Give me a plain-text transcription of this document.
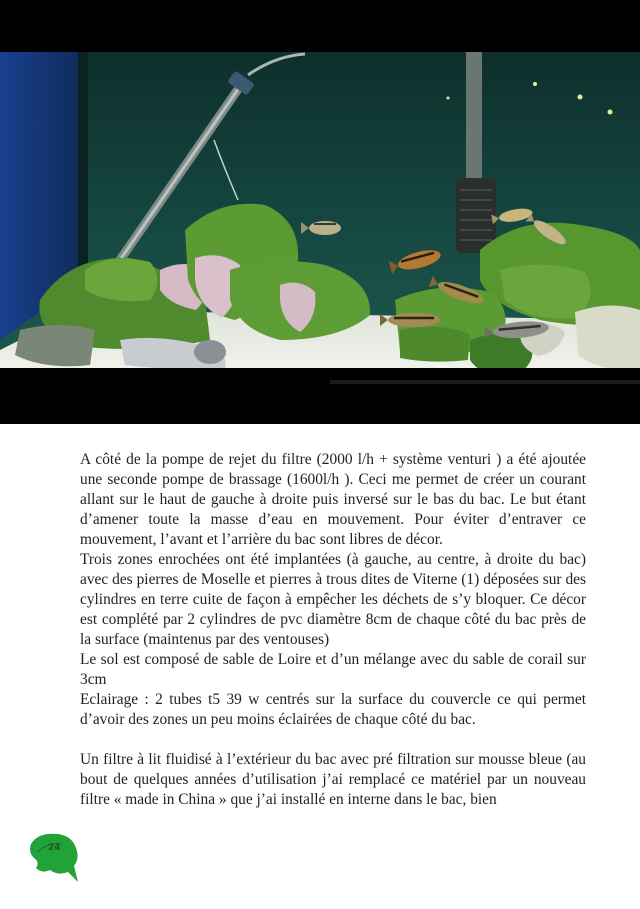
A côté de la pompe de rejet du filtre (2000 l/h + système venturi ) a été ajoutée une seconde pompe de brassage (1600l/h ). Ceci me permet de créer un courant allant sur le haut de gauche à droite puis inversé sur le bas du bac. Le but étant d’amener toute la masse d’eau en mouvement. Pour éviter d’entraver ce mouvement, l’avant et l’arrière du bac sont libres de décor.

Trois zones enrochées ont été implantées (à gauche, au centre, à droite du bac) avec des pierres de Moselle et pierres à trous dites de Viterne (1) déposées sur des cylindres en terre cuite de façon à empêcher les déchets de s’y bloquer. Ce décor est complété par 2 cylindres de pvc diamètre 8cm de chaque côté du bac près de la surface (maintenus par des ventouses)

Le sol est composé de sable de Loire et d’un mélange avec du sable de corail sur 3cm

Eclairage : 2 tubes t5 39 w centrés sur la surface du couvercle ce qui permet d’avoir des zones un peu moins éclairées de chaque côté du bac.

Un filtre à lit fluidisé à l’extérieur du bac avec pré filtration sur mousse bleue (au bout de quelques années d’utilisation j’ai remplacé ce matériel par un nouveau filtre « made in China » que j’ai installé en interne dans le bac, bien

24
